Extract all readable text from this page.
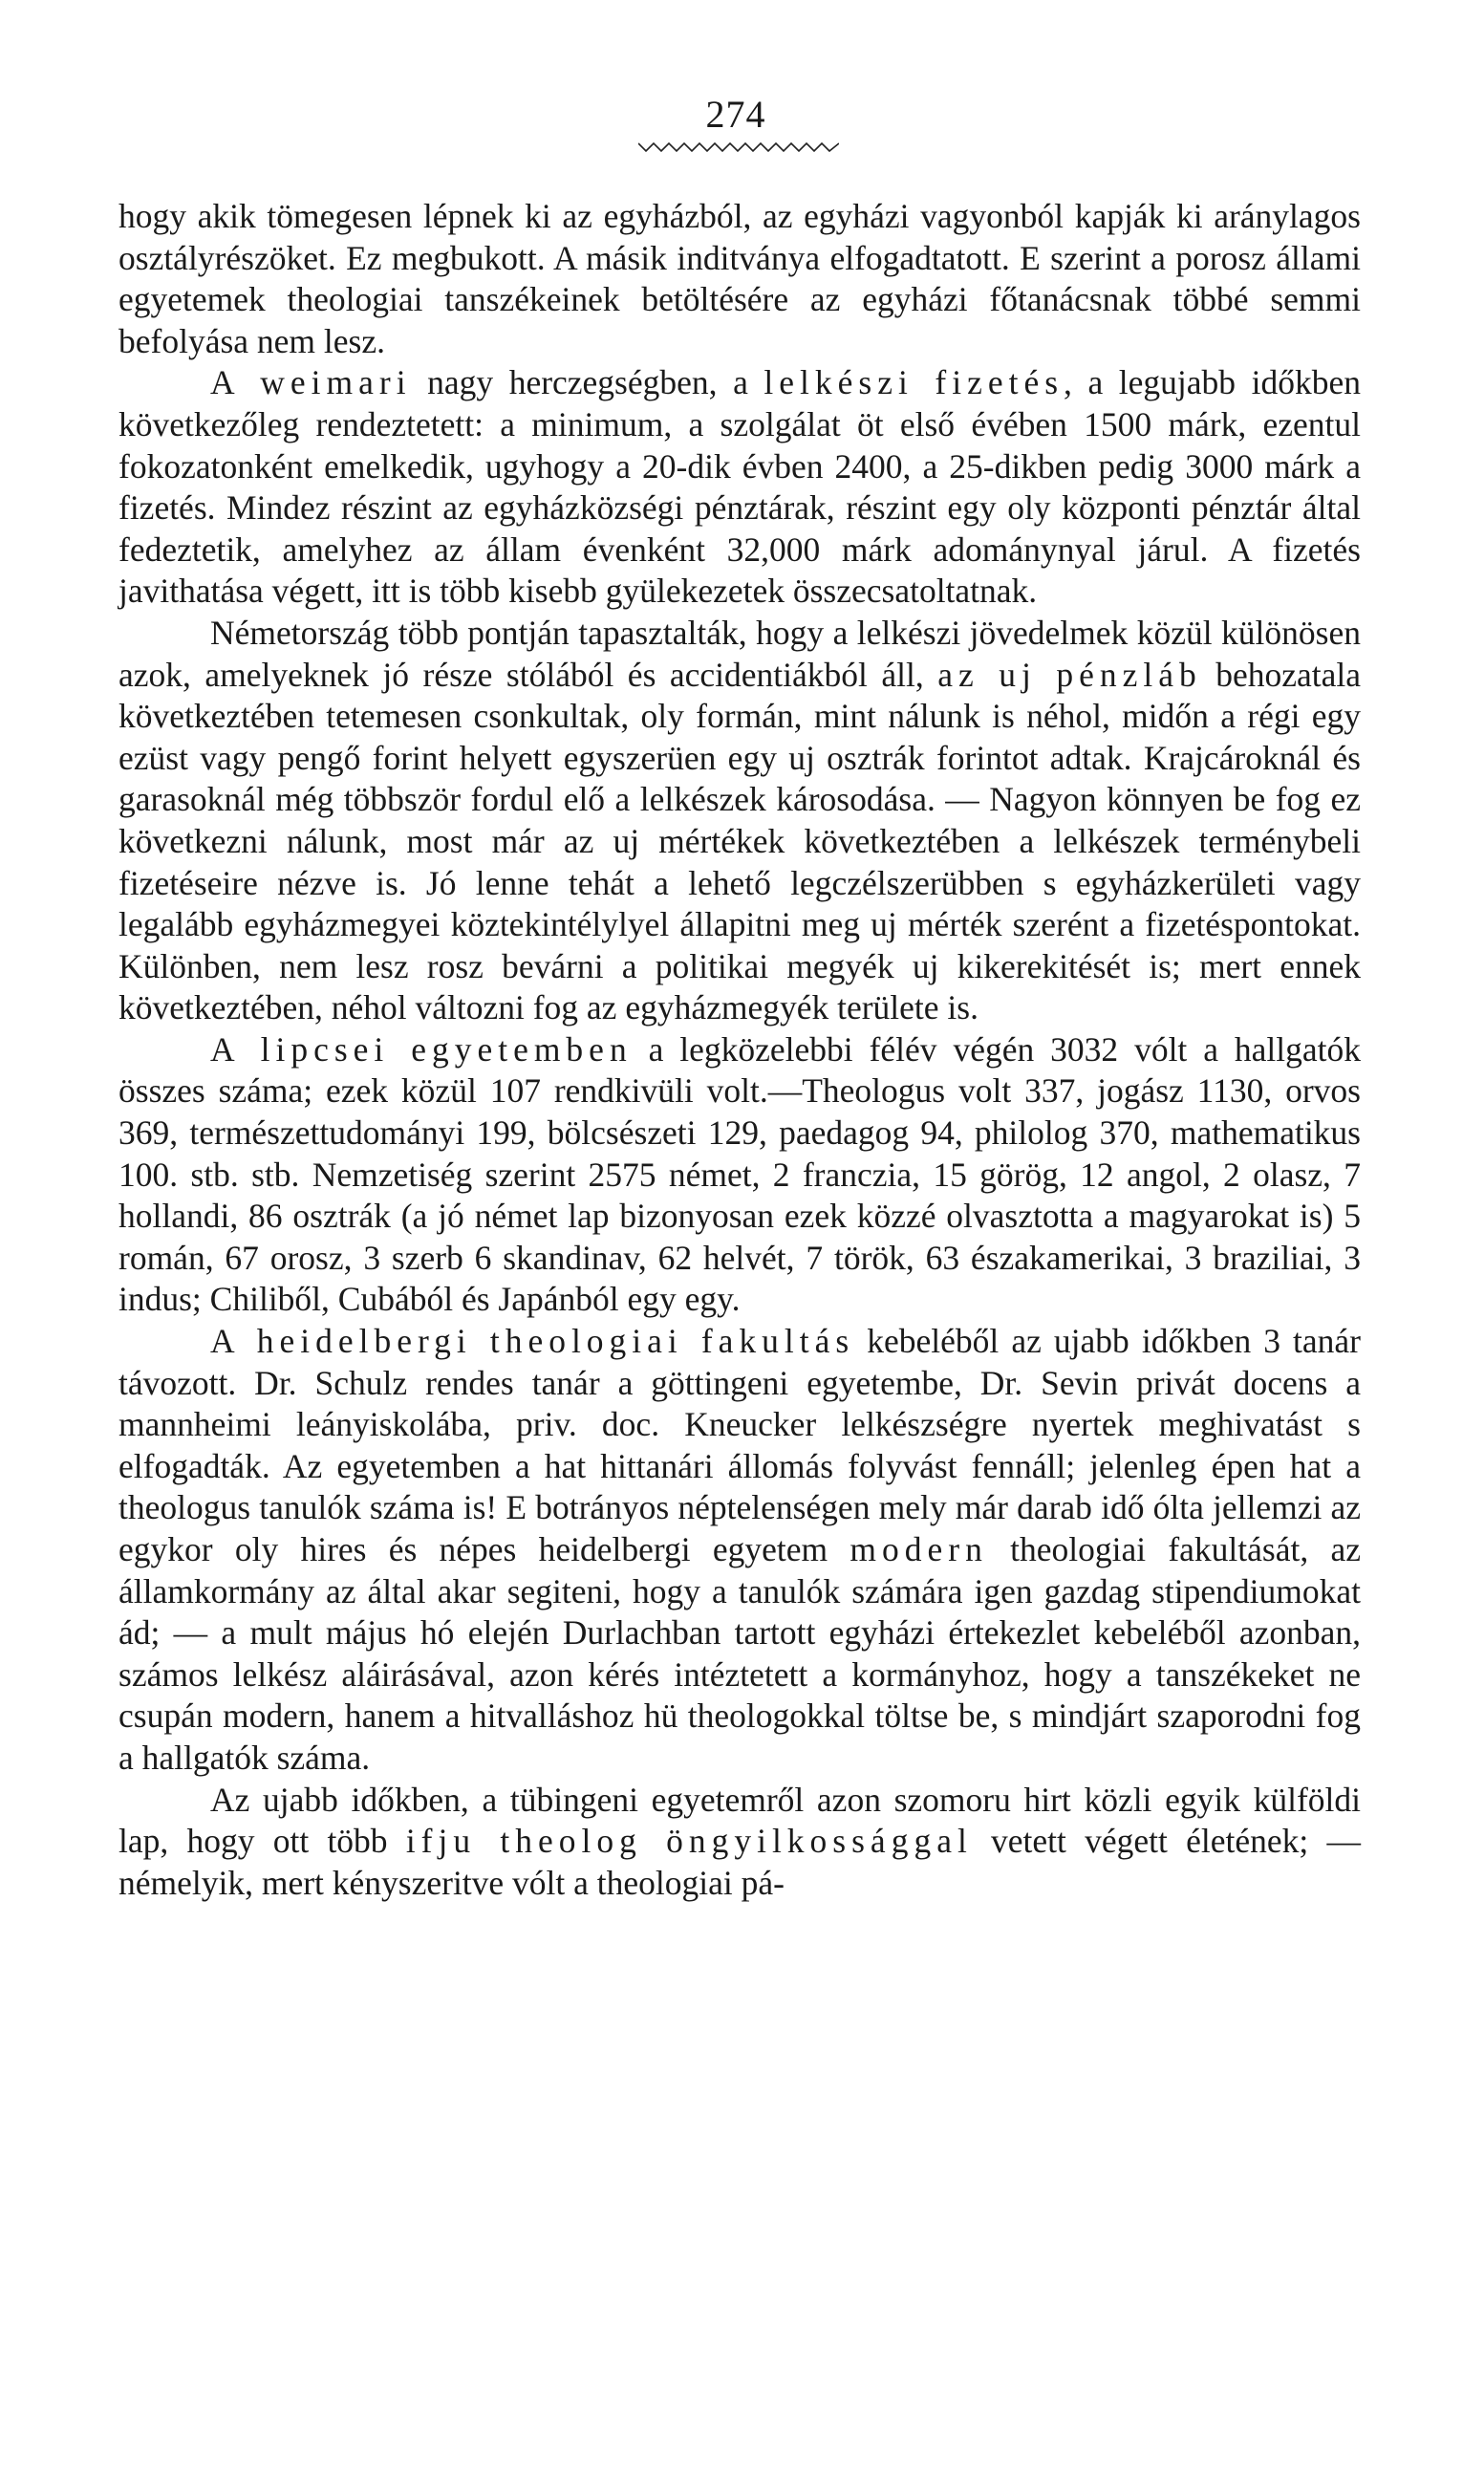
274

hogy akik tömegesen lépnek ki az egyházból, az egyházi vagyonból kapják ki aránylagos osztályrészöket. Ez megbukott. A másik inditványa elfogadtatott. E szerint a porosz állami egyetemek theologiai tanszékeinek betöltésére az egyházi főtanácsnak többé semmi befolyása nem lesz.

A weimari nagy herczegségben, a lelkészi fizetés, a legujabb időkben következőleg rendeztetett: a minimum, a szolgálat öt első évében 1500 márk, ezentul fokozatonként emelkedik, ugyhogy a 20-dik évben 2400, a 25-dikben pedig 3000 márk a fizetés. Mindez részint az egyházközségi pénztárak, részint egy oly központi pénztár által fedeztetik, amelyhez az állam évenként 32,000 márk adománynyal járul. A fizetés javithatása végett, itt is több kisebb gyülekezetek összecsatoltatnak.

Németország több pontján tapasztalták, hogy a lelkészi jövedelmek közül különösen azok, amelyeknek jó része stólából és accidentiákból áll, az uj pénzláb behozatala következtében tetemesen csonkultak, oly formán, mint nálunk is néhol, midőn a régi egy ezüst vagy pengő forint helyett egyszerüen egy uj osztrák forintot adtak. Krajcároknál és garasoknál még többször fordul elő a lelkészek károsodása. — Nagyon könnyen be fog ez következni nálunk, most már az uj mértékek következtében a lelkészek terménybeli fizetéseire nézve is. Jó lenne tehát a lehető legczélszerübben s egyházkerületi vagy legalább egyházmegyei köztekintélylyel állapitni meg uj mérték szerént a fizetéspontokat. Különben, nem lesz rosz bevárni a politikai megyék uj kikerekitését is; mert ennek következtében, néhol változni fog az egyházmegyék területe is.

A lipcsei egyetemben a legközelebbi félév végén 3032 vólt a hallgatók összes száma; ezek közül 107 rendkivüli volt.—Theologus volt 337, jogász 1130, orvos 369, természettudományi 199, bölcsészeti 129, paedagog 94, philolog 370, mathematikus 100. stb. stb. Nemzetiség szerint 2575 német, 2 franczia, 15 görög, 12 angol, 2 olasz, 7 hollandi, 86 osztrák (a jó német lap bizonyosan ezek közzé olvasztotta a magyarokat is) 5 román, 67 orosz, 3 szerb 6 skandinav, 62 helvét, 7 török, 63 északamerikai, 3 braziliai, 3 indus; Chiliből, Cubából és Japánból egy egy.

A heidelbergi theologiai fakultás kebeléből az ujabb időkben 3 tanár távozott. Dr. Schulz rendes tanár a göttingeni egyetembe, Dr. Sevin privát docens a mannheimi leányiskolába, priv. doc. Kneucker lelkészségre nyertek meghivatást s elfogadták. Az egyetemben a hat hittanári állomás folyvást fennáll; jelenleg épen hat a theologus tanulók száma is! E botrányos néptelenségen mely már darab idő ólta jellemzi az egykor oly hires és népes heidelbergi egyetem modern theologiai fakultását, az államkormány az által akar segiteni, hogy a tanulók számára igen gazdag stipendiumokat ád; — a mult május hó elején Durlachban tartott egyházi értekezlet kebeléből azonban, számos lelkész aláirásával, azon kérés intéztetett a kormányhoz, hogy a tanszékeket ne csupán modern, hanem a hitvalláshoz hü theologokkal töltse be, s mindjárt szaporodni fog a hallgatók száma.

Az ujabb időkben, a tübingeni egyetemről azon szomoru hirt közli egyik külföldi lap, hogy ott több ifju theolog öngyilkossággal vetett végett életének; —némelyik, mert kényszeritve vólt a theologiai pá-
